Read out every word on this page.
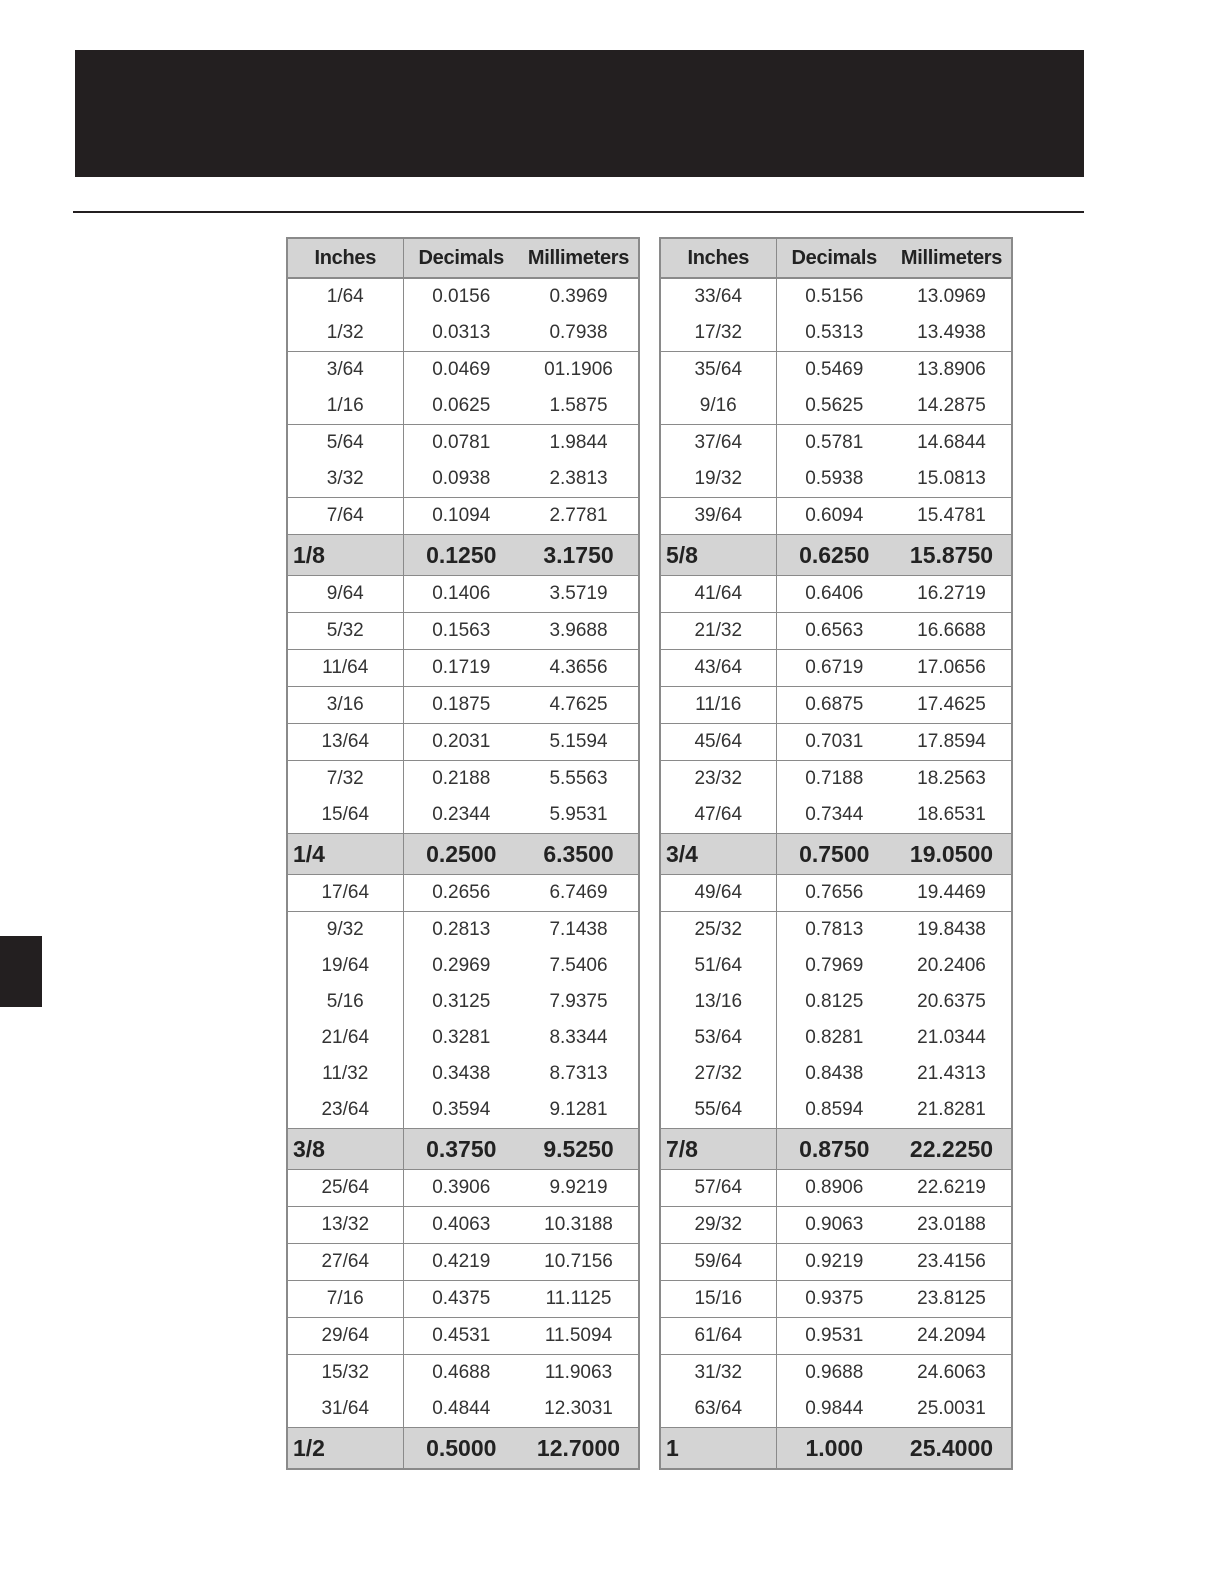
Inches	Decimals	Millimeters
1/64	0.0156	0.3969
1/32	0.0313	0.7938
3/64	0.0469	01.1906
1/16	0.0625	1.5875
5/64	0.0781	1.9844
3/32	0.0938	2.3813
7/64	0.1094	2.7781
1/8	0.1250	3.1750
9/64	0.1406	3.5719
5/32	0.1563	3.9688
11/64	0.1719	4.3656
3/16	0.1875	4.7625
13/64	0.2031	5.1594
7/32	0.2188	5.5563
15/64	0.2344	5.9531
1/4	0.2500	6.3500
17/64	0.2656	6.7469
9/32	0.2813	7.1438
19/64	0.2969	7.5406
5/16	0.3125	7.9375
21/64	0.3281	8.3344
11/32	0.3438	8.7313
23/64	0.3594	9.1281
3/8	0.3750	9.5250
25/64	0.3906	9.9219
13/32	0.4063	10.3188
27/64	0.4219	10.7156
7/16	0.4375	11.1125
29/64	0.4531	11.5094
15/32	0.4688	11.9063
31/64	0.4844	12.3031
1/2	0.5000	12.7000
Inches	Decimals	Millimeters
33/64	0.5156	13.0969
17/32	0.5313	13.4938
35/64	0.5469	13.8906
9/16	0.5625	14.2875
37/64	0.5781	14.6844
19/32	0.5938	15.0813
39/64	0.6094	15.4781
5/8	0.6250	15.8750
41/64	0.6406	16.2719
21/32	0.6563	16.6688
43/64	0.6719	17.0656
11/16	0.6875	17.4625
45/64	0.7031	17.8594
23/32	0.7188	18.2563
47/64	0.7344	18.6531
3/4	0.7500	19.0500
49/64	0.7656	19.4469
25/32	0.7813	19.8438
51/64	0.7969	20.2406
13/16	0.8125	20.6375
53/64	0.8281	21.0344
27/32	0.8438	21.4313
55/64	0.8594	21.8281
7/8	0.8750	22.2250
57/64	0.8906	22.6219
29/32	0.9063	23.0188
59/64	0.9219	23.4156
15/16	0.9375	23.8125
61/64	0.9531	24.2094
31/32	0.9688	24.6063
63/64	0.9844	25.0031
1	1.000	25.4000
